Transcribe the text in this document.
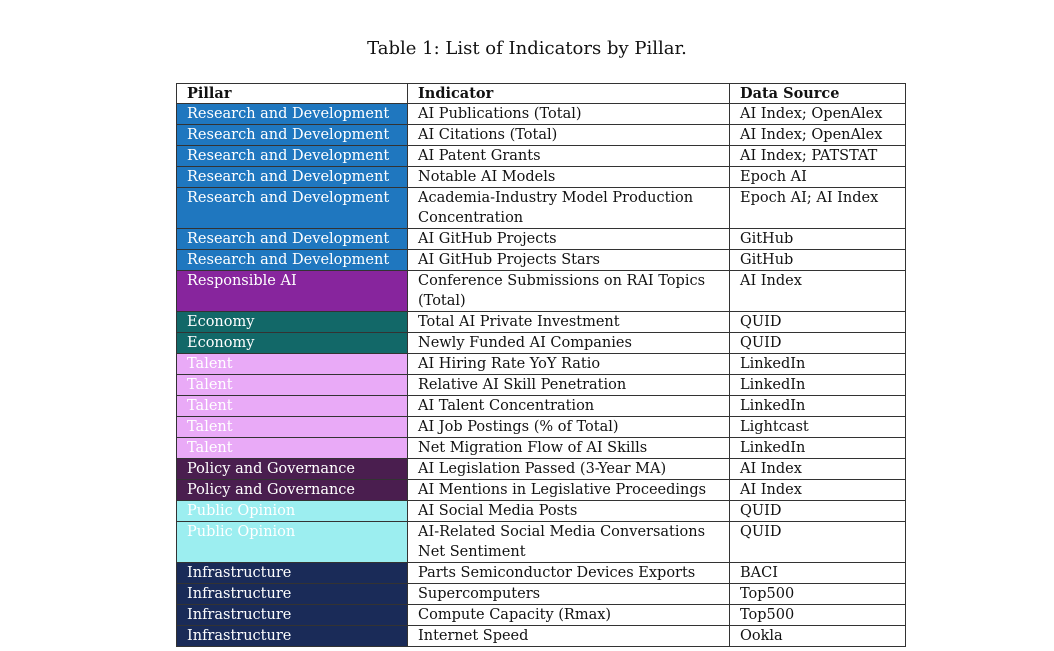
Table 1: List of Indicators by Pillar.
Pillar	Indicator	Data Source
Research and Development	AI Publications (Total)	AI Index; OpenAlex
Research and Development	AI Citations (Total)	AI Index; OpenAlex
Research and Development	AI Patent Grants	AI Index; PATSTAT
Research and Development	Notable AI Models	Epoch AI
Research and Development	Academia-Industry Model Production Concentration	Epoch AI; AI Index
Research and Development	AI GitHub Projects	GitHub
Research and Development	AI GitHub Projects Stars	GitHub
Responsible AI	Conference Submissions on RAI Topics (Total)	AI Index
Economy	Total AI Private Investment	QUID
Economy	Newly Funded AI Companies	QUID
Talent	AI Hiring Rate YoY Ratio	LinkedIn
Talent	Relative AI Skill Penetration	LinkedIn
Talent	AI Talent Concentration	LinkedIn
Talent	AI Job Postings (% of Total)	Lightcast
Talent	Net Migration Flow of AI Skills	LinkedIn
Policy and Governance	AI Legislation Passed (3-Year MA)	AI Index
Policy and Governance	AI Mentions in Legislative Proceedings	AI Index
Public Opinion	AI Social Media Posts	QUID
Public Opinion	AI-Related Social Media Conversations Net Sentiment	QUID
Infrastructure	Parts Semiconductor Devices Exports	BACI
Infrastructure	Supercomputers	Top500
Infrastructure	Compute Capacity (Rmax)	Top500
Infrastructure	Internet Speed	Ookla
